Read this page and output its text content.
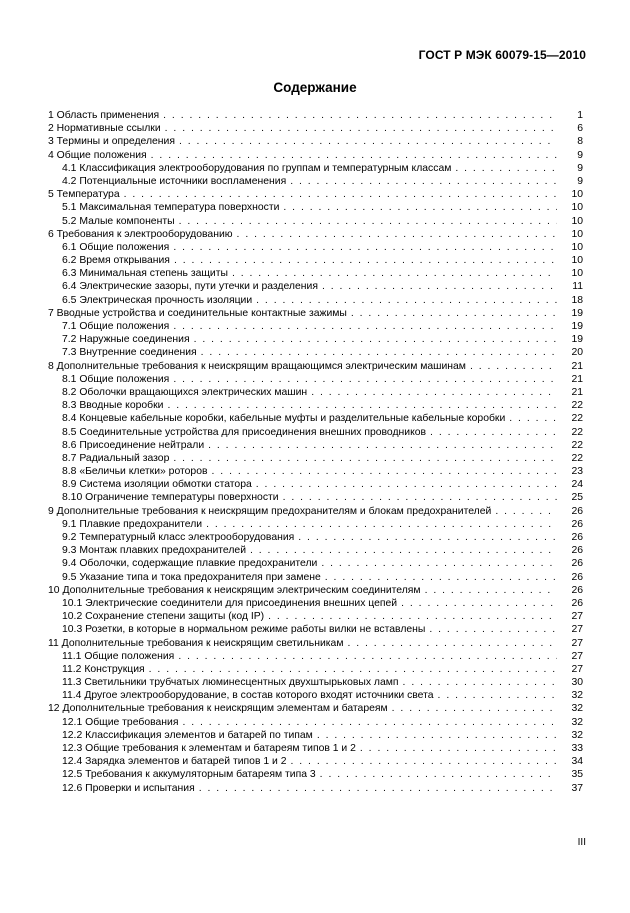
ГОСТ Р МЭК 60079-15—2010
Содержание
1 Область применения . . .	1
2 Нормативные ссылки . . .	6
3 Термины и определения . . .	8
4 Общие положения . . .	9
4.1 Классификация электрооборудования по группам и температурным классам . . .	9
4.2 Потенциальные источники воспламенения . . .	9
5 Температура . . .	10
5.1 Максимальная температура поверхности . . .	10
5.2 Малые компоненты . . .	10
6 Требования к электрооборудованию . . .	10
6.1 Общие положения . . .	10
6.2 Время открывания . . .	10
6.3 Минимальная степень защиты . . .	10
6.4 Электрические зазоры, пути утечки и разделения . . .	11
6.5 Электрическая прочность изоляции . . .	18
7 Вводные устройства и соединительные контактные зажимы . . .	19
7.1 Общие положения . . .	19
7.2 Наружные соединения . . .	19
7.3 Внутренние соединения . . .	20
8 Дополнительные требования к неискрящим вращающимся электрическим машинам . . .	21
8.1 Общие положения . . .	21
8.2 Оболочки вращающихся электрических машин . . .	21
8.3 Вводные коробки . . .	22
8.4 Концевые кабельные коробки, кабельные муфты и разделительные кабельные коробки . . .	22
8.5 Соединительные устройства для присоединения внешних проводников . . .	22
8.6 Присоединение нейтрали . . .	22
8.7 Радиальный зазор . . .	22
8.8 «Беличьи клетки» роторов . . .	23
8.9 Система изоляции обмотки статора . . .	24
8.10 Ограничение температуры поверхности . . .	25
9 Дополнительные требования к неискрящим предохранителям и блокам предохранителей . . .	26
9.1 Плавкие предохранители . . .	26
9.2 Температурный класс электрооборудования . . .	26
9.3 Монтаж плавких предохранителей . . .	26
9.4 Оболочки, содержащие плавкие предохранители . . .	26
9.5 Указание типа и тока предохранителя при замене . . .	26
10 Дополнительные требования к неискрящим электрическим соединителям . . .	26
10.1 Электрические соединители для присоединения внешних цепей . . .	26
10.2 Сохранение степени защиты (код IP) . . .	27
10.3 Розетки, в которые в нормальном режиме работы вилки не вставлены . . .	27
11 Дополнительные требования к неискрящим светильникам . . .	27
11.1 Общие положения . . .	27
11.2 Конструкция . . .	27
11.3 Светильники трубчатых люминесцентных двухштырьковых ламп . . .	30
11.4 Другое электрооборудование, в состав которого входят источники света . . .	32
12 Дополнительные требования к неискрящим элементам и батареям . . .	32
12.1 Общие требования . . .	32
12.2 Классификация элементов и батарей по типам . . .	32
12.3 Общие требования к элементам и батареям типов 1 и 2 . . .	33
12.4 Зарядка элементов и батарей типов 1 и 2 . . .	34
12.5 Требования к аккумуляторным батареям типа 3 . . .	35
12.6 Проверки и испытания . . .	37
III
